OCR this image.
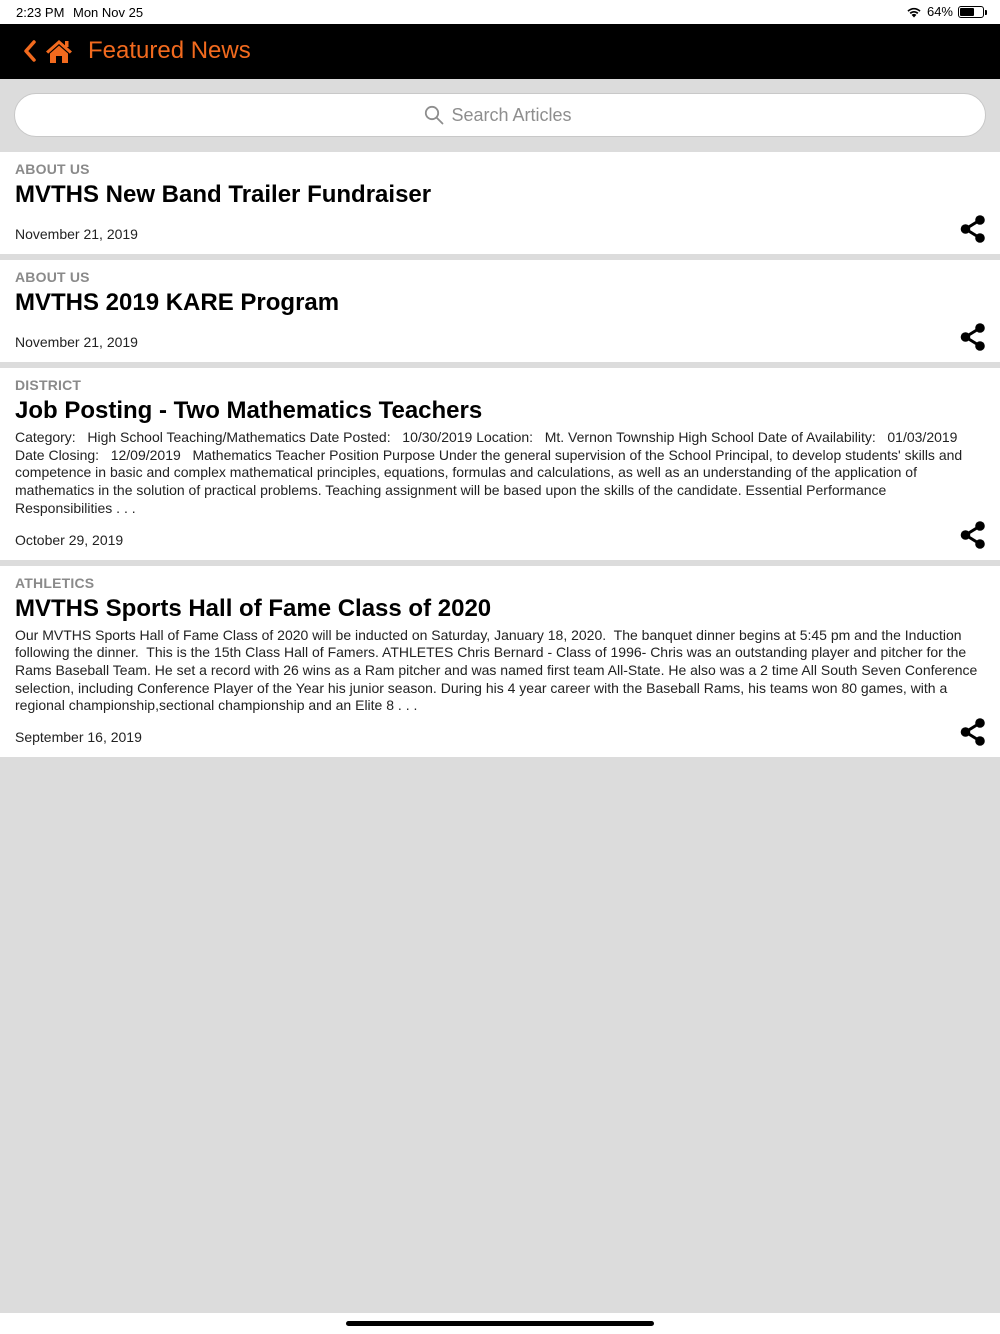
2:23 PM Mon Nov 25	64%
Featured News
Search Articles
ABOUT US
MVTHS New Band Trailer Fundraiser
November 21, 2019
ABOUT US
MVTHS 2019 KARE Program
November 21, 2019
DISTRICT
Job Posting - Two Mathematics Teachers
Category:   High School Teaching/Mathematics Date Posted:   10/30/2019 Location:   Mt. Vernon Township High School Date of Availability:   01/03/2019 Date Closing:   12/09/2019   Mathematics Teacher Position Purpose Under the general supervision of the School Principal, to develop students' skills and competence in basic and complex mathematical principles, equations, formulas and calculations, as well as an understanding of the application of mathematics in the solution of practical problems. Teaching assignment will be based upon the skills of the candidate. Essential Performance Responsibilities . . .
October 29, 2019
ATHLETICS
MVTHS Sports Hall of Fame Class of 2020
Our MVTHS Sports Hall of Fame Class of 2020 will be inducted on Saturday, January 18, 2020.  The banquet dinner begins at 5:45 pm and the Induction following the dinner.  This is the 15th Class Hall of Famers. ATHLETES Chris Bernard - Class of 1996- Chris was an outstanding player and pitcher for the Rams Baseball Team. He set a record with 26 wins as a Ram pitcher and was named first team All-State. He also was a 2 time All South Seven Conference selection, including Conference Player of the Year his junior season. During his 4 year career with the Baseball Rams, his teams won 80 games, with a regional championship,sectional championship and an Elite 8 . . .
September 16, 2019
